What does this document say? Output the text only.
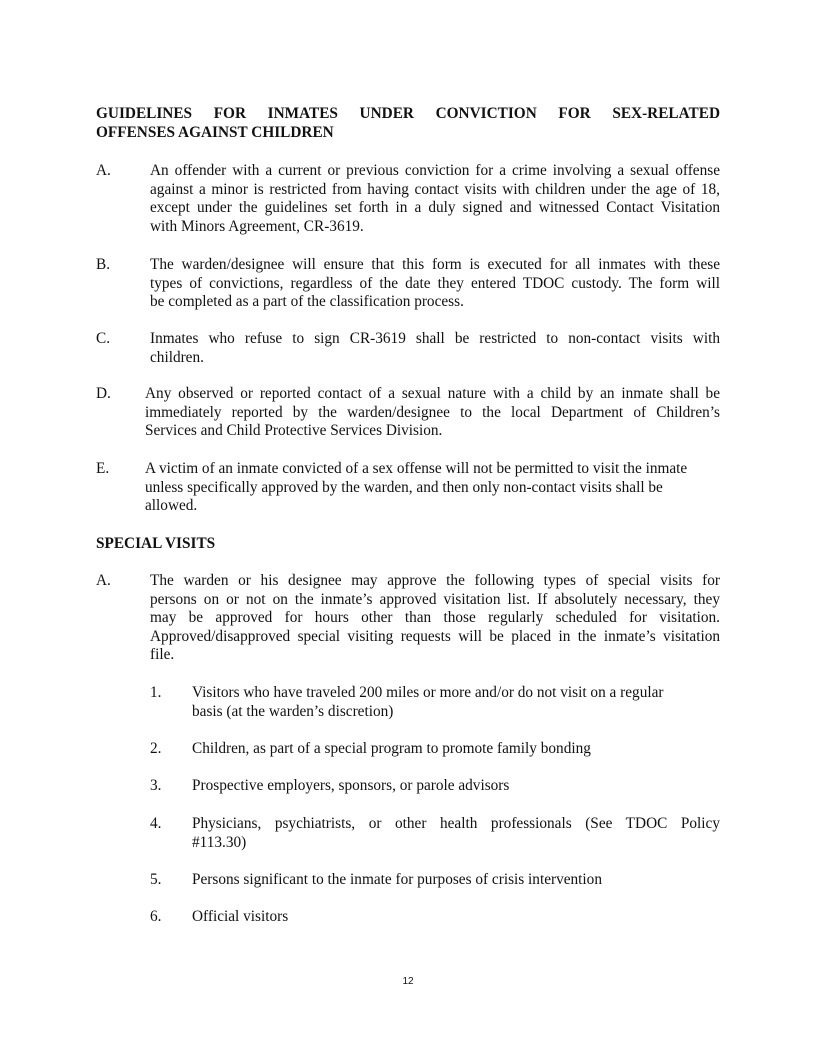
GUIDELINES FOR INMATES UNDER CONVICTION FOR SEX-RELATED
OFFENSES AGAINST CHILDREN
A.	An offender with a current or previous conviction for a crime involving a sexual offense
against a minor is restricted from having contact visits with children under the age of 18,
except under the guidelines set forth in a duly signed and witnessed Contact Visitation
with Minors Agreement, CR-3619.
B.	The warden/designee will ensure that this form is executed for all inmates with these
types of convictions, regardless of the date they entered TDOC custody. The form will
be completed as a part of the classification process.
C.	Inmates who refuse to sign CR-3619 shall be restricted to non-contact visits with
children.
D.	Any observed or reported contact of a sexual nature with a child by an inmate shall be
immediately reported by the warden/designee to the local Department of Children’s
Services and Child Protective Services Division.
E.	A victim of an inmate convicted of a sex offense will not be permitted to visit the inmate
unless specifically approved by the warden, and then only non-contact visits shall be
allowed.
SPECIAL VISITS
A.	The warden or his designee may approve the following types of special visits for
persons on or not on the inmate’s approved visitation list. If absolutely necessary, they
may be approved for hours other than those regularly scheduled for visitation.
Approved/disapproved special visiting requests will be placed in the inmate’s visitation
file.
1.	Visitors who have traveled 200 miles or more and/or do not visit on a regular
basis (at the warden’s discretion)
2.	Children, as part of a special program to promote family bonding
3.	Prospective employers, sponsors, or parole advisors
4.	Physicians, psychiatrists, or other health professionals (See TDOC Policy
#113.30)
5.	Persons significant to the inmate for purposes of crisis intervention
6.	Official visitors
12
